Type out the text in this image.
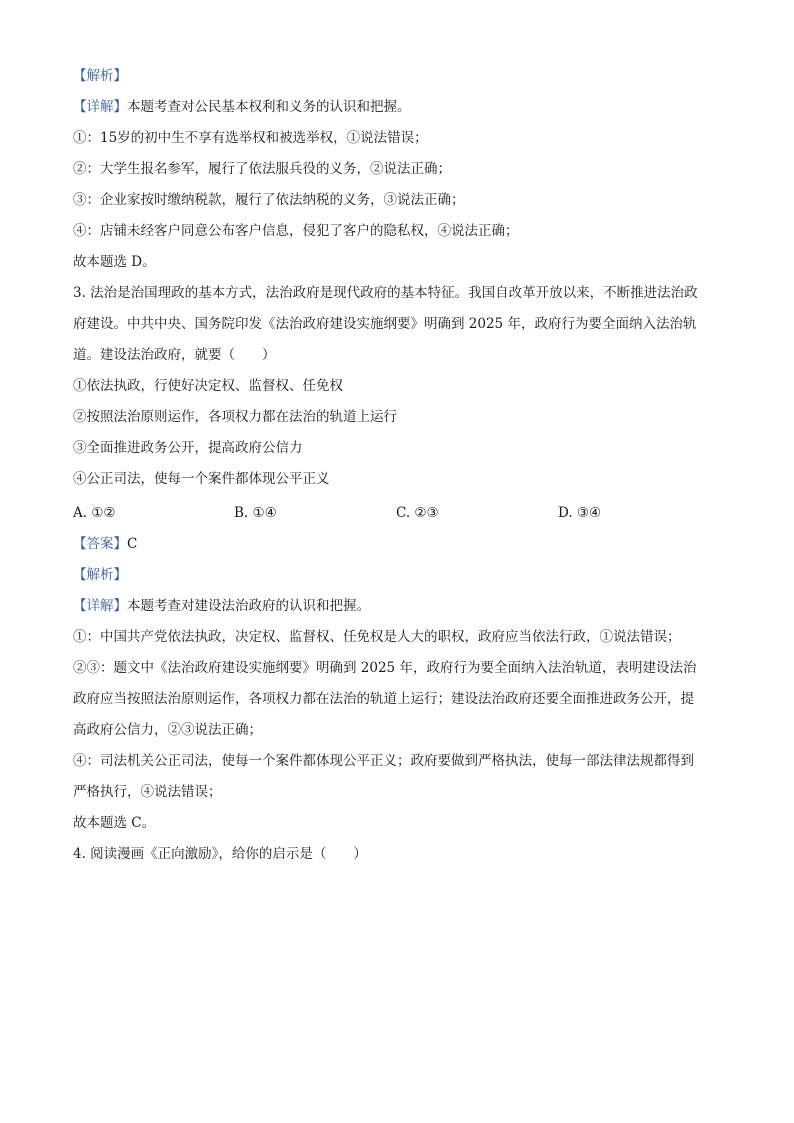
【解析】
【详解】本题考查对公民基本权利和义务的认识和把握。
①：15岁的初中生不享有选举权和被选举权，①说法错误；
②：大学生报名参军，履行了依法服兵役的义务，②说法正确；
③：企业家按时缴纳税款，履行了依法纳税的义务，③说法正确；
④：店铺未经客户同意公布客户信息，侵犯了客户的隐私权，④说法正确；
故本题选 D。
3. 法治是治国理政的基本方式，法治政府是现代政府的基本特征。我国自改革开放以来，不断推进法治政
府建设。中共中央、国务院印发《法治政府建设实施纲要》明确到 2025 年，政府行为要全面纳入法治轨
道。建设法治政府，就要（　　）
①依法执政，行使好决定权、监督权、任免权
②按照法治原则运作，各项权力都在法治的轨道上运行
③全面推进政务公开，提高政府公信力
④公正司法，使每一个案件都体现公平正义
A. ①②	B. ①④	C. ②③	D. ③④
【答案】C
【解析】
【详解】本题考查对建设法治政府的认识和把握。
①：中国共产党依法执政，决定权、监督权、任免权是人大的职权，政府应当依法行政，①说法错误；
②③：题文中《法治政府建设实施纲要》明确到 2025 年，政府行为要全面纳入法治轨道，表明建设法治
政府应当按照法治原则运作，各项权力都在法治的轨道上运行；建设法治政府还要全面推进政务公开，提
高政府公信力，②③说法正确；
④：司法机关公正司法，使每一个案件都体现公平正义；政府要做到严格执法，使每一部法律法规都得到
严格执行，④说法错误；
故本题选 C。
4. 阅读漫画《正向激励》，给你的启示是（　　）
